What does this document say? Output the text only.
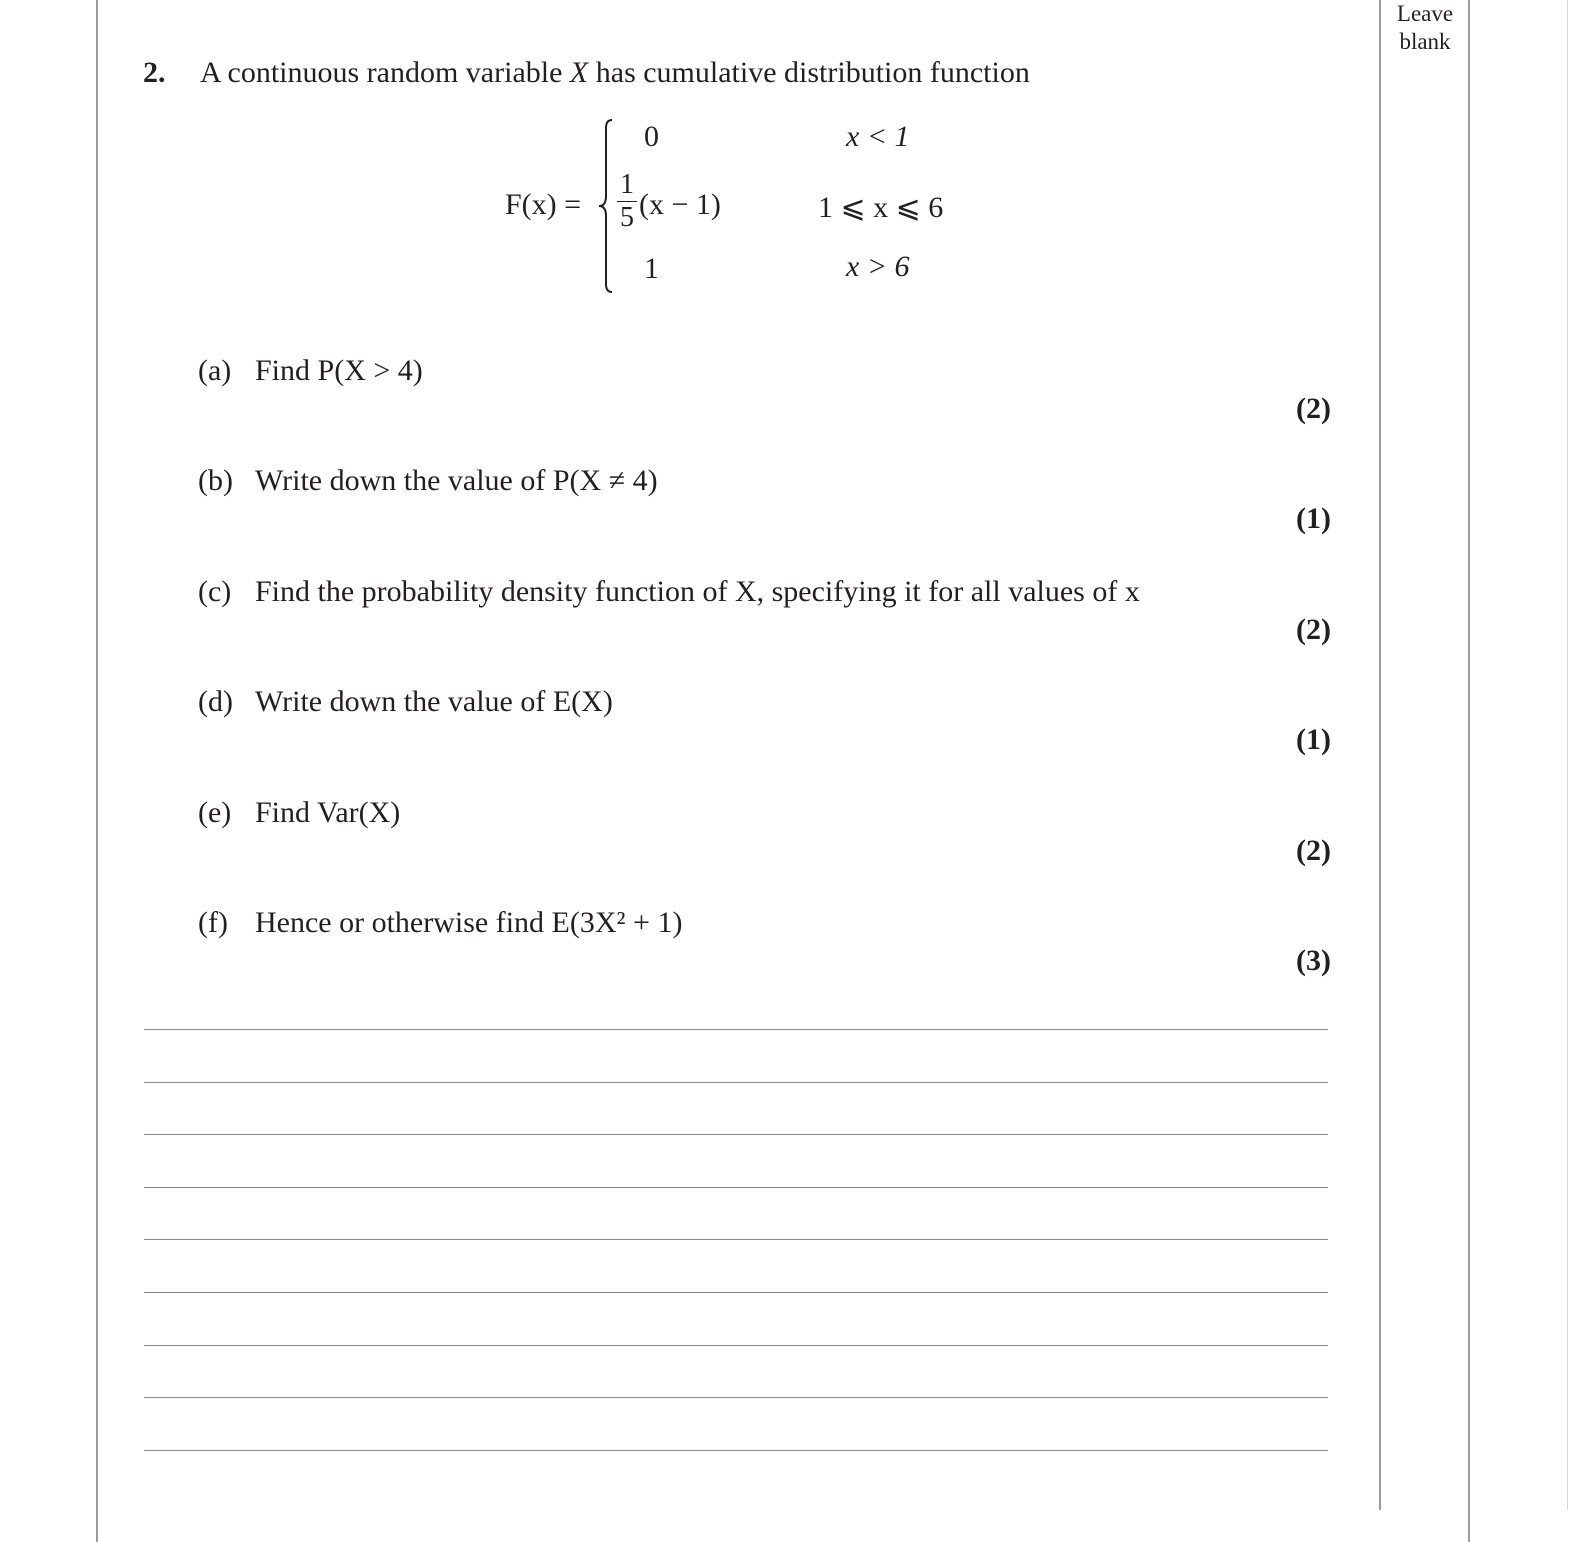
Leave
blank
2. A continuous random variable X has cumulative distribution function
F(x) =
0	x < 1
1
5 (x − 1)	1 ⩽ x ⩽ 6
1	x > 6
(a) Find P(X > 4)
(2)
(b) Write down the value of P(X ≠ 4)
(1)
(c) Find the probability density function of X, specifying it for all values of x
(2)
(d) Write down the value of E(X)
(1)
(e) Find Var(X)
(2)
(f) Hence or otherwise find E(3X² + 1)
(3)
